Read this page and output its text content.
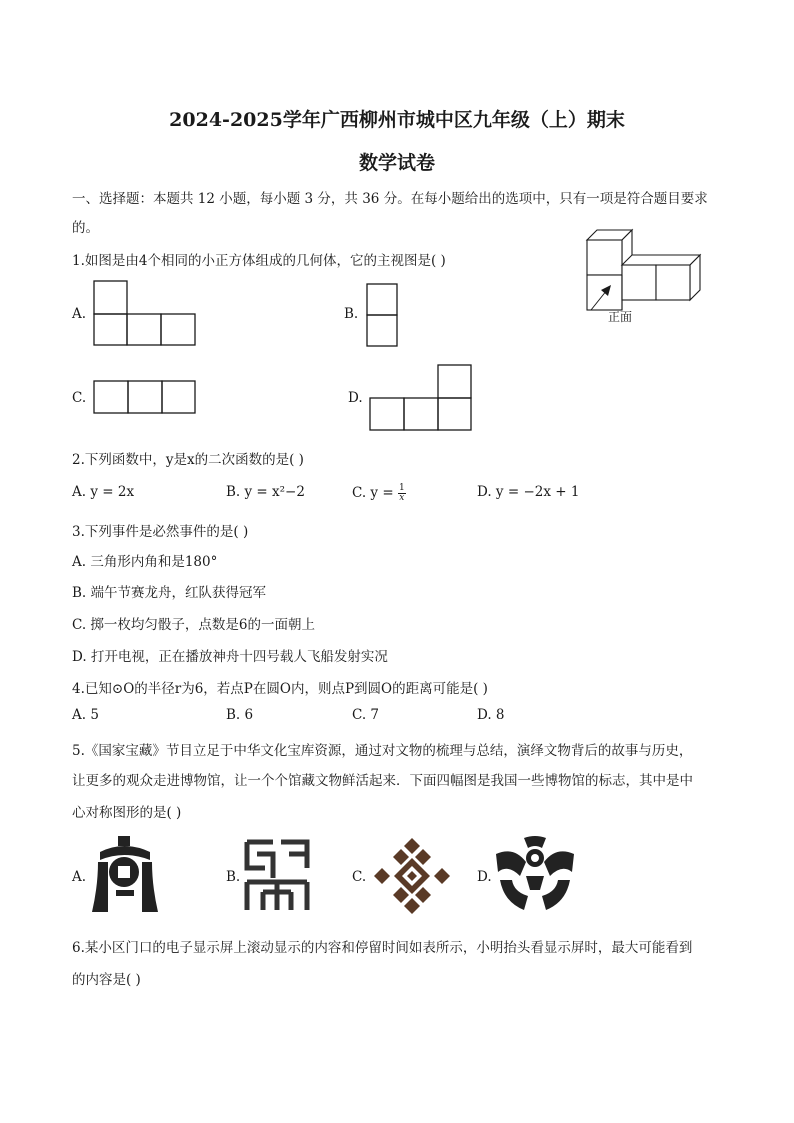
2024-2025学年广西柳州市城中区九年级（上）期末
数学试卷
一、选择题：本题共 12 小题，每小题 3 分，共 36 分。在每小题给出的选项中，只有一项是符合题目要求
的。
1.如图是由4个相同的小正方体组成的几何体，它的主视图是( )
正面
A.	B.
C.	D.
2.下列函数中，y是x的二次函数的是( )
A. y = 2x	B. y = x²−2	C. $y = \frac{1}{x}$	D. y = −2x + 1
3.下列事件是必然事件的是( )
A. 三角形内角和是180°
B. 端午节赛龙舟，红队获得冠军
C. 掷一枚均匀骰子，点数是6的一面朝上
D. 打开电视，正在播放神舟十四号载人飞船发射实况
4.已知⊙O的半径r为6，若点P在圆O内，则点P到圆O的距离可能是( )
A. 5	B. 6	C. 7	D. 8
5.《国家宝藏》节目立足于中华文化宝库资源，通过对文物的梳理与总结，演绎文物背后的故事与历史，
让更多的观众走进博物馆，让一个个馆藏文物鲜活起来．下面四幅图是我国一些博物馆的标志，其中是中
心对称图形的是( )
A.	B.	C.	D.
6.某小区门口的电子显示屏上滚动显示的内容和停留时间如表所示，小明抬头看显示屏时，最大可能看到
的内容是( )
